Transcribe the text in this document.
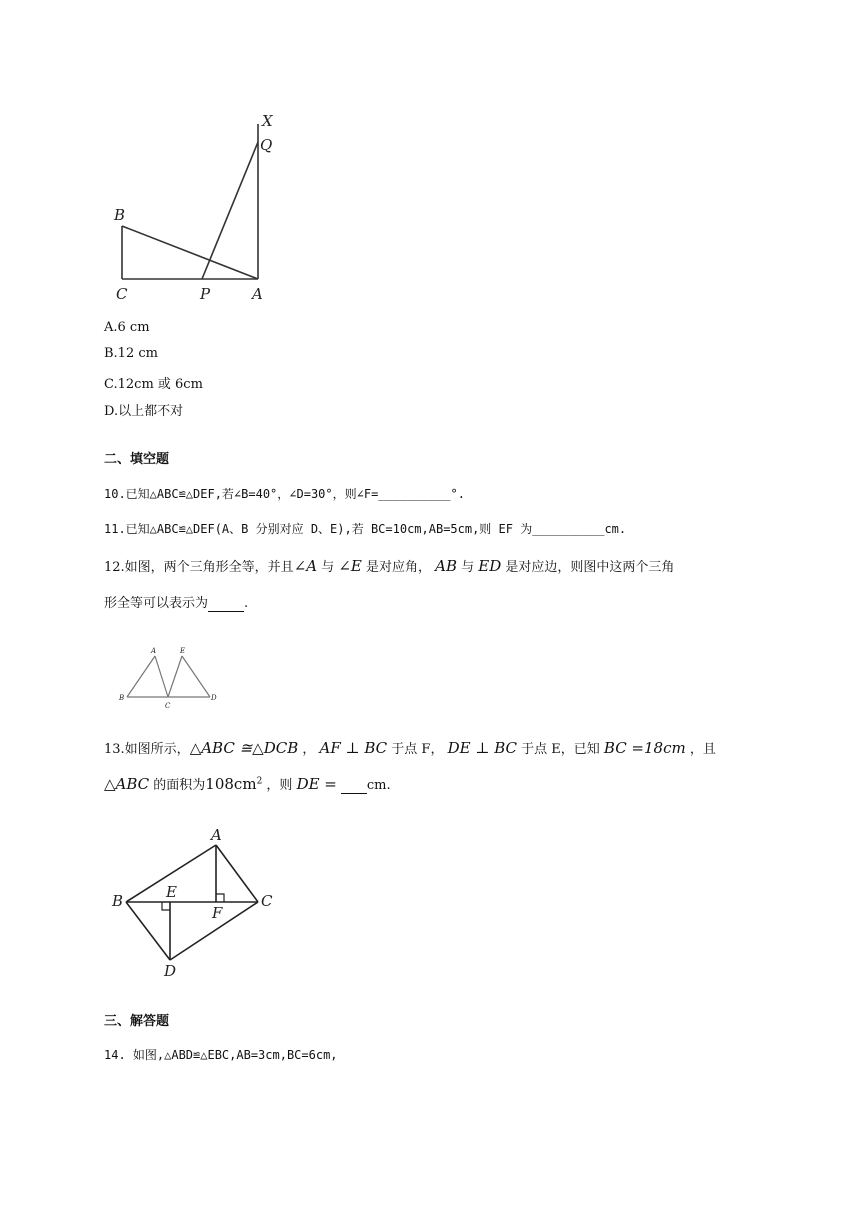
X
Q
B
C	P	A
A.6 cm
B.12 cm
C.12cm 或 6cm
D.以上都不对
二、填空题
10.已知△ABC≌△DEF,若∠B=40°，∠D=30°，则∠F=__________°.
11.已知△ABC≌△DEF(A、B 分别对应 D、E),若 BC=10cm,AB=5cm,则 EF 为__________cm.
12.如图，两个三角形全等，并且∠A 与 ∠E 是对应角， AB 与 ED 是对应边，则图中这两个三角
形全等可以表示为	.
A	E
B
C
D
13.如图所示，△ABC ≅△DCB ， AF ⊥ BC 于点 F， DE ⊥ BC 于点 E，已知 BC =18cm ，且
△ABC 的面积为$108cm^2$ ，则 DE = cm.
A
B	E
F
C
D
三、解答题
14. 如图,△ABD≌△EBC,AB=3cm,BC=6cm,
